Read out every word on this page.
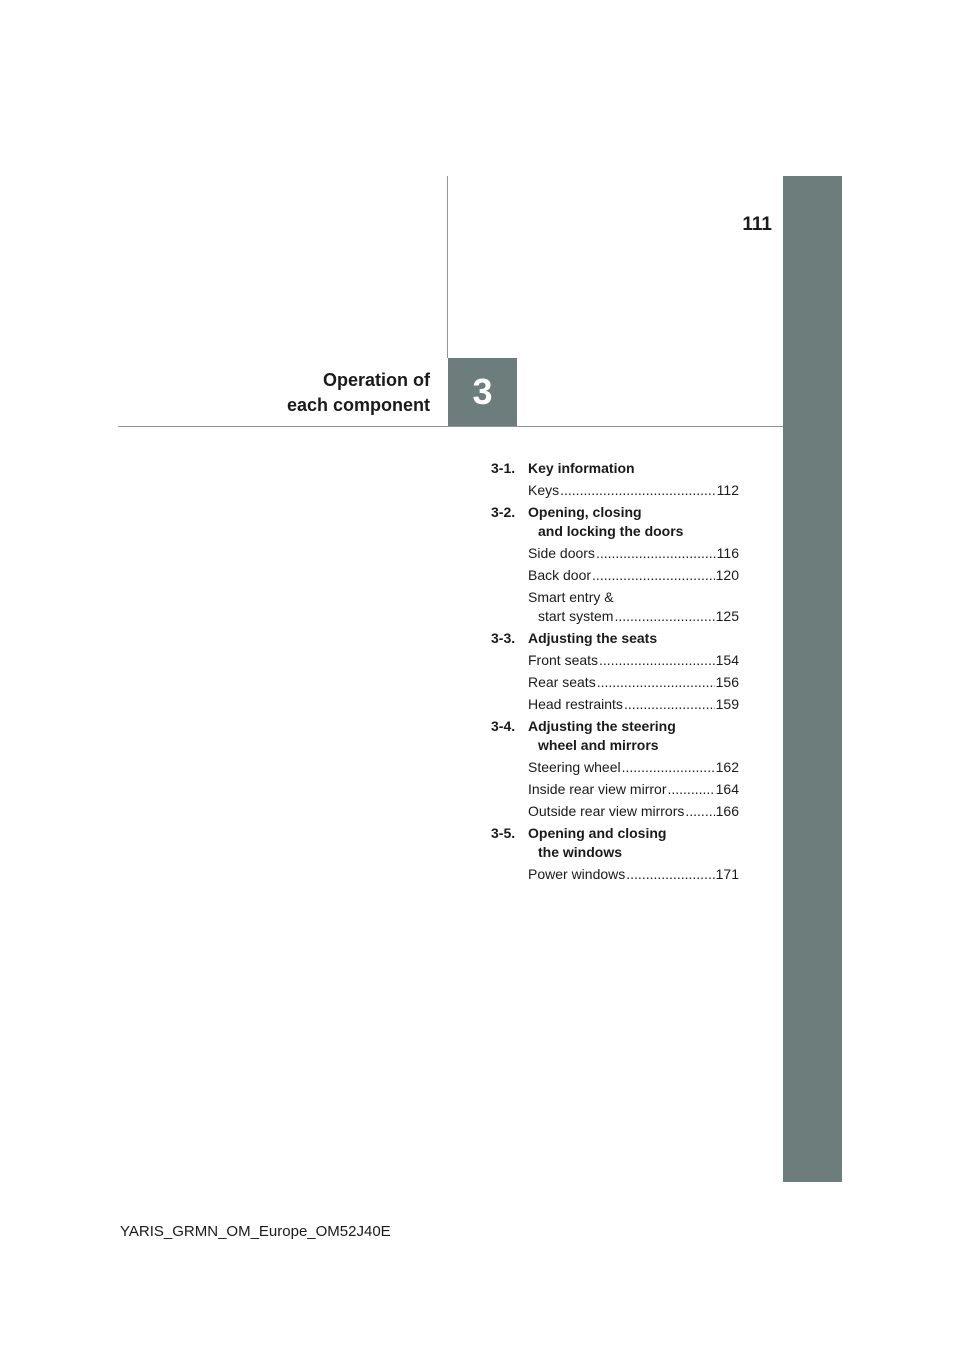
111
3
Operation of
each component
3-1. Key information
Keys .....	112
3-2. Opening, closing
and locking the doors
Side doors .....	116
Back door .....	120
Smart entry &
start system .....	125
3-3. Adjusting the seats
Front seats .....	154
Rear seats .....	156
Head restraints .....	159
3-4. Adjusting the steering
wheel and mirrors
Steering wheel .....	162
Inside rear view mirror .....	164
Outside rear view mirrors ..... 166
3-5. Opening and closing
the windows
Power windows .....	171
YARIS_GRMN_OM_Europe_OM52J40E
